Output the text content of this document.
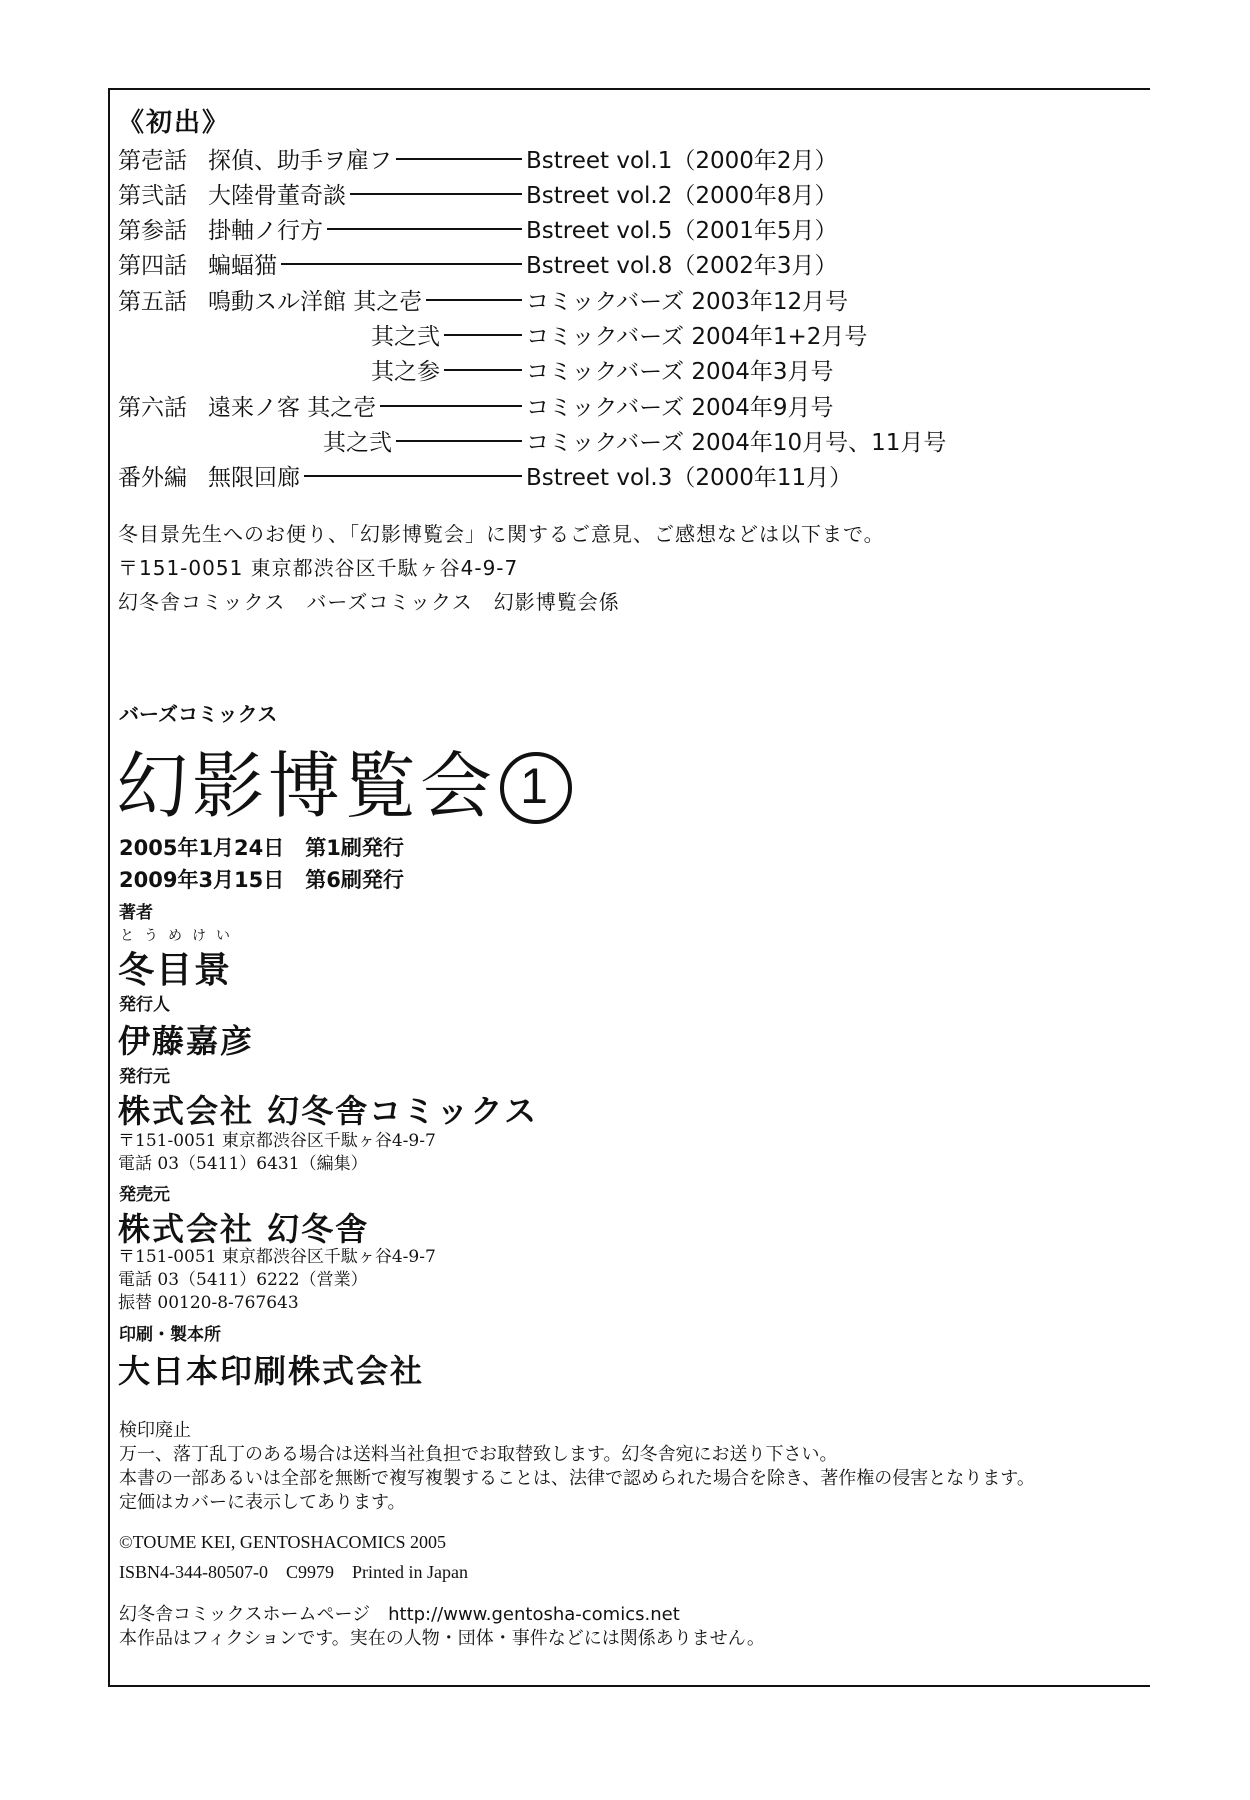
《初出》
第壱話 探偵、助手ヲ雇フ	Bstreet vol.1（2000年2月）
第弐話 大陸骨董奇談	Bstreet vol.2（2000年8月）
第参話 掛軸ノ行方	Bstreet vol.5（2001年5月）
第四話 蝙蝠猫	Bstreet vol.8（2002年3月）
第五話 鳴動スル洋館 其之壱	コミックバーズ 2003年12月号
其之弐	コミックバーズ 2004年1+2月号
其之参	コミックバーズ 2004年3月号
第六話 遠来ノ客 其之壱	コミックバーズ 2004年9月号
其之弐	コミックバーズ 2004年10月号、11月号
番外編 無限回廊	Bstreet vol.3（2000年11月）
冬目景先生へのお便り、「幻影博覧会」に関するご意見、ご感想などは以下まで。
〒151-0051 東京都渋谷区千駄ヶ谷4-9-7
幻冬舎コミックス　バーズコミックス　幻影博覧会係
バーズコミックス
幻影博覧会 1
2005年1月24日　第1刷発行
2009年3月15日　第6刷発行
著者
とうめけい
冬目景
発行人
伊藤嘉彦
発行元
株式会社 幻冬舎コミックス
〒151-0051 東京都渋谷区千駄ヶ谷4-9-7
電話 03（5411）6431（編集）
発売元
株式会社 幻冬舎
〒151-0051 東京都渋谷区千駄ヶ谷4-9-7
電話 03（5411）6222（営業）
振替 00120-8-767643
印刷・製本所
大日本印刷株式会社
検印廃止
万一、落丁乱丁のある場合は送料当社負担でお取替致します。幻冬舎宛にお送り下さい。
本書の一部あるいは全部を無断で複写複製することは、法律で認められた場合を除き、著作権の侵害となります。
定価はカバーに表示してあります。
©TOUME KEI, GENTOSHACOMICS 2005
ISBN4-344-80507-0　C9979　Printed in Japan
幻冬舎コミックスホームページ　http://www.gentosha-comics.net
本作品はフィクションです。実在の人物・団体・事件などには関係ありません。
